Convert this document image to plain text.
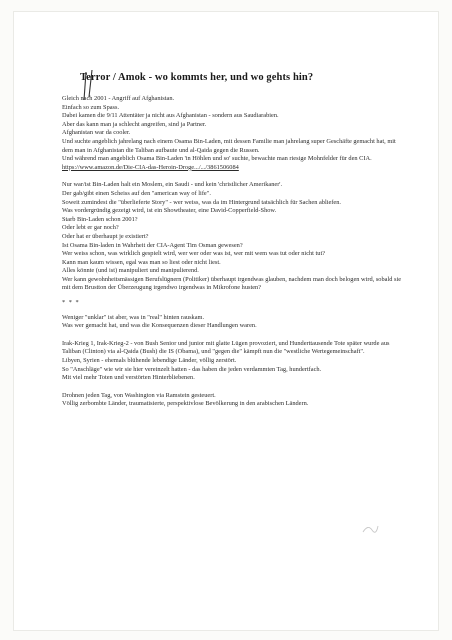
Terror / Amok - wo kommts her, und wo gehts hin?

Gleich nach 2001 - Angriff auf Afghanistan.

Einfach so zum Spass.

Dabei kamen die 9/11 Attentäter ja nicht aus Afghanistan - sondern aus Saudiarabien.

Aber das kann man ja schlecht angreifen, sind ja Partner.

Afghanistan war da cooler.

Und suchte angeblich jahrelang nach einem Osama Bin-Laden, mit dessen Familie man jahrelang super Geschäfte gemacht hat, mit dem man in Afghanistan die Taliban aufbaute und al-Qaida gegen die Russen.

Und während man angeblich Osama Bin-Laden 'in Höhlen und so' suchte, bewachte man riesige Mohnfelder für den CIA.

https://www.amazon.de/Die-CIA-das-Heroin-Droge.../.../3861506084

Nur war/ist Bin-Laden halt ein Moslem, ein Saudi - und kein 'christlicher Amerikaner'.

Der gab/gibt einen Scheiss auf den "american way of life".

Soweit zumindest die "überlieferte Story" - wer weiss, was da im Hintergrund tatsächlich für Sachen abliefen.

Was vordergründig gezeigt wird, ist ein Showtheater, eine David-Copperfield-Show.

Starb Bin-Laden schon 2001?

Oder lebt er gar noch?

Oder hat er überhaupt je existiert?

Ist Osama Bin-laden in Wahrheit der CIA-Agent Tim Osman gewesen?

Wer weiss schon, was wirklich gespielt wird, wer wer oder was ist, wer mit wem was tut oder nicht tut?

Kann man kaum wissen, egal was man so liest oder nicht liest.

Alles könnte (und ist) manipuliert und manipulierend.

Wer kann gewohnheitsmässigen Berufslügnern (Politiker) überhaupt irgendwas glauben, nachdem man doch belogen wird, sobald sie mit dem Brustton der Überzeugung irgendwo irgendwas in Mikrofone husten?

* * *

Weniger "unklar" ist aber, was in "real" hinten rauskam.

Was wer gemacht hat, und was die Konsequenzen dieser Handlungen waren.

Irak-Krieg 1, Irak-Krieg-2 - von Bush Senior und junior mit glatte Lügen provoziert, und Hunderttausende Tote später wurde aus Taliban (Clinton) via al-Qaida (Bush) die IS (Obama), und "gegen die" kämpft nun die "westliche Wertegemeinschaft".

Libyen, Syrien - ehemals blühende lebendige Länder, völlig zerstört.

So "Anschläge" wie wir sie hier vereinzelt hatten - das haben die jeden verdammten Tag, hundertfach.

Mit viel mehr Toten und verstörten Hinterbliebenen.

Drohnen jeden Tag, von Washington via Ramstein gesteuert.

Völlig zerbombte Länder, traumatisierte, perspektivlose Bevölkerung in den arabischen Ländern.
